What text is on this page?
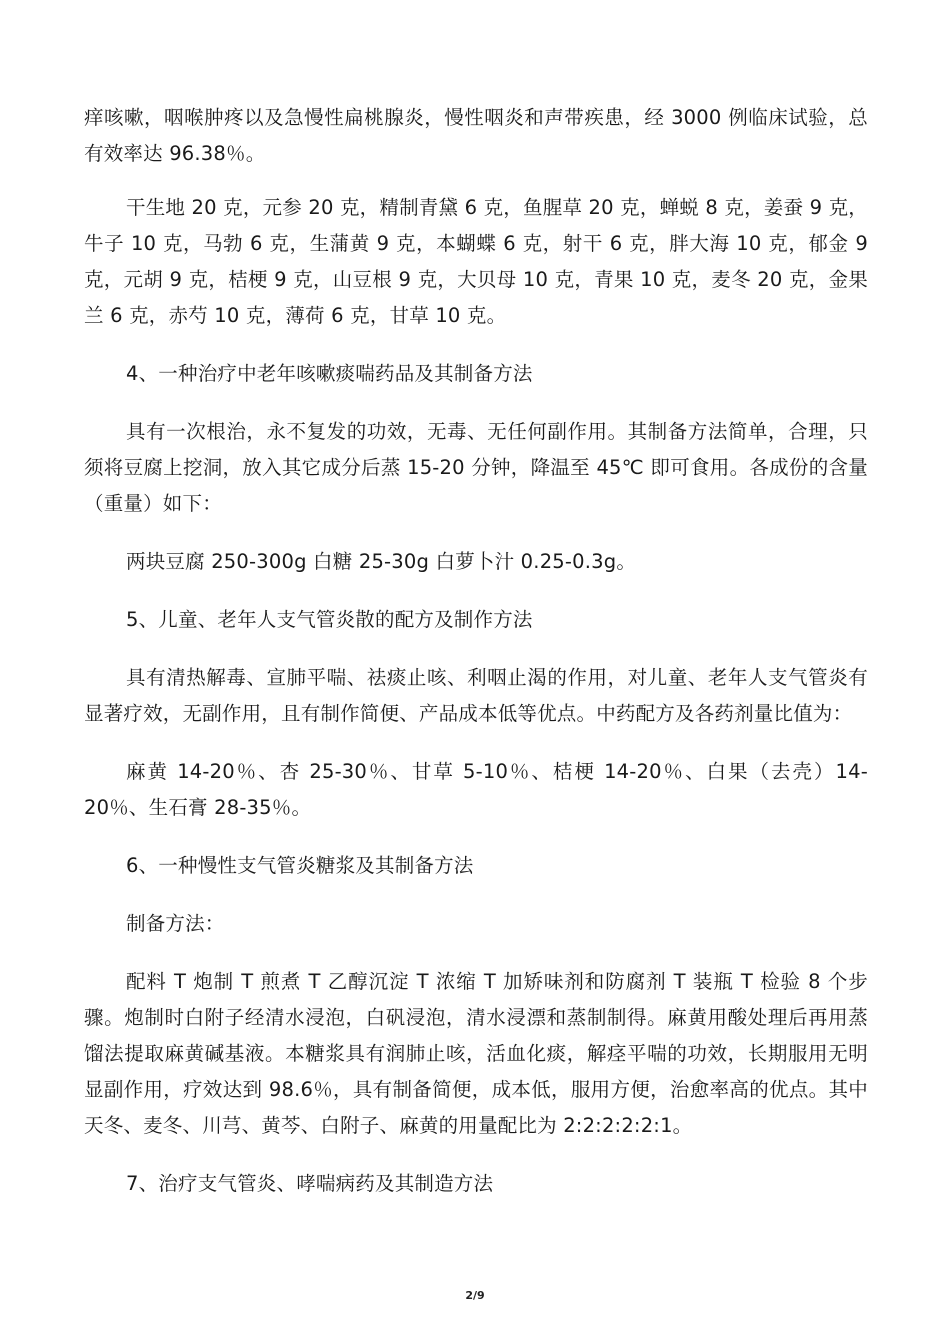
痒咳嗽，咽喉肿疼以及急慢性扁桃腺炎，慢性咽炎和声带疾患，经 3000 例临床试验，总有效率达 96.38％。

干生地 20 克，元参 20 克，精制青黛 6 克，鱼腥草 20 克，蝉蜕 8 克，姜蚕 9 克，牛子 10 克，马勃 6 克，生蒲黄 9 克，本蝴蝶 6 克，射干 6 克，胖大海 10 克，郁金 9 克，元胡 9 克，桔梗 9 克，山豆根 9 克，大贝母 10 克，青果 10 克，麦冬 20 克，金果兰 6 克，赤芍 10 克，薄荷 6 克，甘草 10 克。

4、一种治疗中老年咳嗽痰喘药品及其制备方法

具有一次根治，永不复发的功效，无毒、无任何副作用。其制备方法简单，合理，只须将豆腐上挖洞，放入其它成分后蒸 15-20 分钟，降温至 45℃ 即可食用。各成份的含量（重量）如下：

两块豆腐 250-300g 白糖 25-30g 白萝卜汁 0.25-0.3g。

5、儿童、老年人支气管炎散的配方及制作方法

具有清热解毒、宣肺平喘、祛痰止咳、利咽止渴的作用，对儿童、老年人支气管炎有显著疗效，无副作用，且有制作简便、产品成本低等优点。中药配方及各药剂量比值为：

麻黄 14-20％、杏 25-30％、甘草 5-10％、桔梗 14-20％、白果（去壳）14-20％、生石膏 28-35％。

6、一种慢性支气管炎糖浆及其制备方法

制备方法：

配料 T 炮制 T 煎煮 T 乙醇沉淀 T 浓缩 T 加矫味剂和防腐剂 T 装瓶 T 检验 8 个步骤。炮制时白附子经清水浸泡，白矾浸泡，清水浸漂和蒸制制得。麻黄用酸处理后再用蒸馏法提取麻黄碱基液。本糖浆具有润肺止咳，活血化痰，解痉平喘的功效，长期服用无明显副作用，疗效达到 98.6％，具有制备简便，成本低，服用方便，治愈率高的优点。其中天冬、麦冬、川芎、黄芩、白附子、麻黄的用量配比为 2:2:2:2:2:1。

7、治疗支气管炎、哮喘病药及其制造方法

2/9
